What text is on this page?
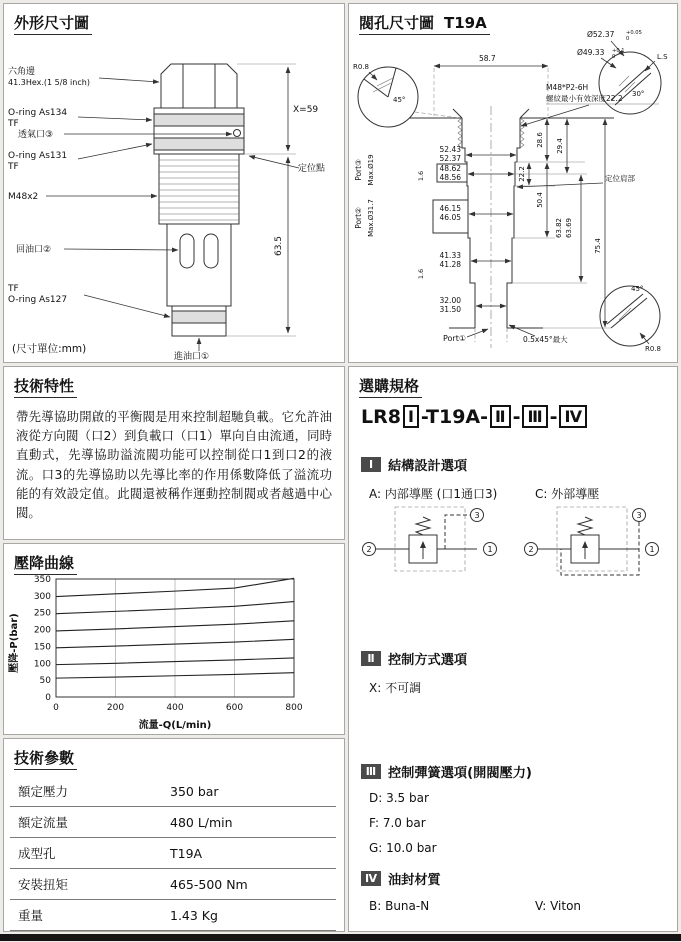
外形尺寸圖
六角邊
41.3Hex.(1 5/8 inch)
O-ring As134
TF
透氣口③
O-ring As131
TF
M48x2
回油口②
TF
O-ring As127
進油口①
X=59
定位點
63.5
(尺寸單位:mm)
閥孔尺寸圖 T19A
Ø52.37 +0.05
0
Ø49.33 +0.1
0	L.S
R0.8
45°
30°
58.7
M48*P2-6H
螺紋最小有效深度22.2
52.43
52.37
48.62
48.56
46.15
46.05
41.33
41.28
32.00
31.50
Port③ Max.Ø19
Port② Max.Ø31.7
1.6
1.6
22.2
28.6
50.4
29.4
63.82 63.69
75.4
定位肩部
Port①	0.5x45°最大
45°
R0.8
技術特性
帶先導協助開啟的平衡閥是用來控制超馳負載。它允許油液從方向閥（口2）到負載口（口1）單向自由流通，同時直動式，先導協助溢流閥功能可以控制從口1到口2的液流。口3的先導協助以先導比率的作用係數降低了溢流功能的有效設定值。此閥還被稱作運動控制閥或者越過中心閥。
壓降曲線
壓降-P(bar)
流量-Q(L/min)
0
50
100
150
200
250
300
350
0	200	400	600	800
技術參數
額定壓力	350 bar
額定流量	480 L/min
成型孔	T19A
安裝扭矩	465-500 Nm
重量	1.43 Kg
選購規格
LR8 Ⅰ -T19A- Ⅱ - Ⅲ - Ⅳ
Ⅰ	結構設計選項
A: 内部導壓 (口1通口3)	C: 外部導壓
2	1
3
2	1
3
Ⅱ	控制方式選項
X: 不可調
Ⅲ 控制彈簧選項(開閥壓力)
D: 3.5 bar
F: 7.0 bar
G: 10.0 bar
Ⅳ 油封材質
B: Buna-N	V: Viton
